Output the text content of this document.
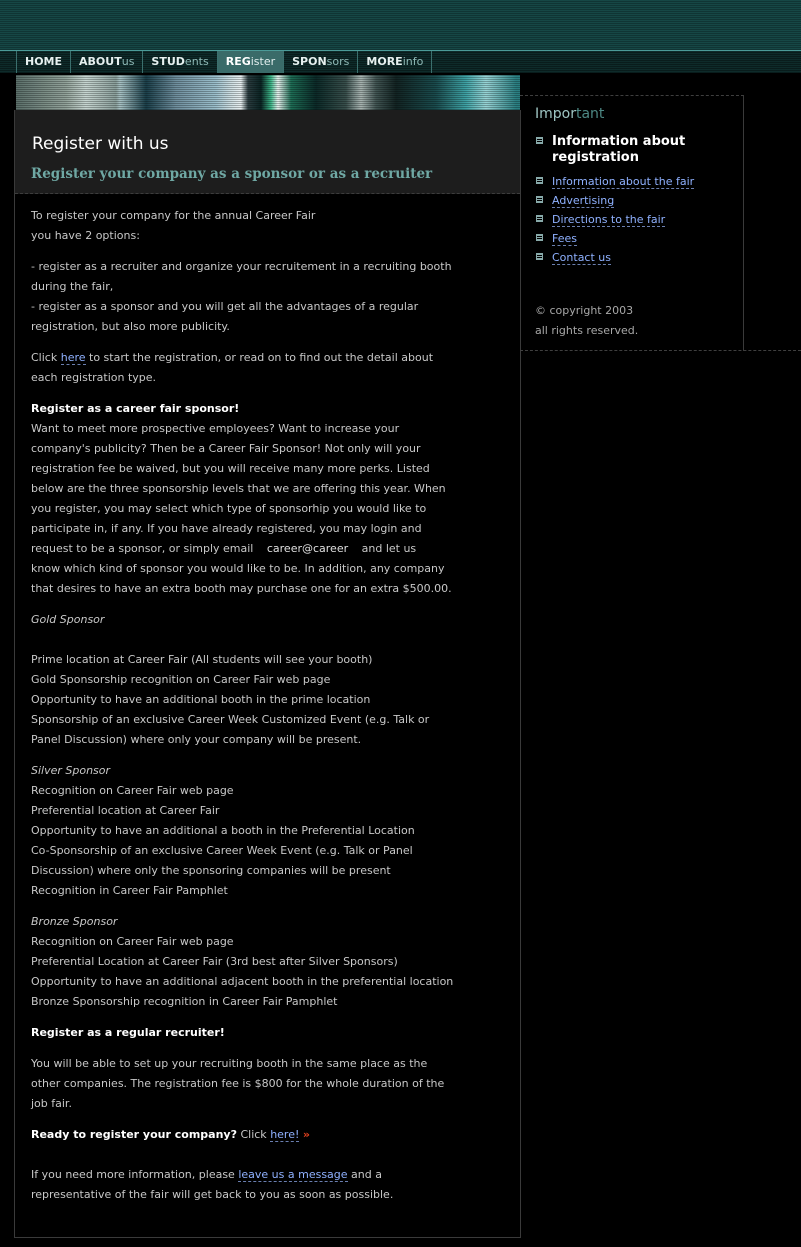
HOME	ABOUTus	STUDents	REGister	SPONsors	MOREinfo
Register with us
Register your company as a sponsor or as a recruiter

To register your company for the annual Career Fair
you have 2 options:

- register as a recruiter and organize your recruitement in a recruiting booth
during the fair,
- register as a sponsor and you will get all the advantages of a regular
registration, but also more publicity.

Click here to start the registration, or read on to find out the detail about
each registration type.

Register as a career fair sponsor!
Want to meet more prospective employees? Want to increase your
company's publicity? Then be a Career Fair Sponsor! Not only will your
registration fee be waived, but you will receive many more perks. Listed
below are the three sponsorship levels that we are offering this year. When
you register, you may select which type of sponsorhip you would like to
participate in, if any. If you have already registered, you may login and
request to be a sponsor, or simply email career@career and let us
know which kind of sponsor you would like to be. In addition, any company
that desires to have an extra booth may purchase one for an extra $500.00.

Gold Sponsor

Prime location at Career Fair (All students will see your booth)
Gold Sponsorship recognition on Career Fair web page
Opportunity to have an additional booth in the prime location
Sponsorship of an exclusive Career Week Customized Event (e.g. Talk or
Panel Discussion) where only your company will be present.

Silver Sponsor
Recognition on Career Fair web page
Preferential location at Career Fair
Opportunity to have an additional a booth in the Preferential Location
Co-Sponsorship of an exclusive Career Week Event (e.g. Talk or Panel
Discussion) where only the sponsoring companies will be present
Recognition in Career Fair Pamphlet

Bronze Sponsor
Recognition on Career Fair web page
Preferential Location at Career Fair (3rd best after Silver Sponsors)
Opportunity to have an additional adjacent booth in the preferential location
Bronze Sponsorship recognition in Career Fair Pamphlet

Register as a regular recruiter!

You will be able to set up your recruiting booth in the same place as the
other companies. The registration fee is $800 for the whole duration of the
job fair.

Ready to register your company? Click here! »

If you need more information, please leave us a message and a
representative of the fair will get back to you as soon as possible.

Important
Information about registration
Information about the fair
Advertising
Directions to the fair
Fees
Contact us
© copyright 2003
all rights reserved.
